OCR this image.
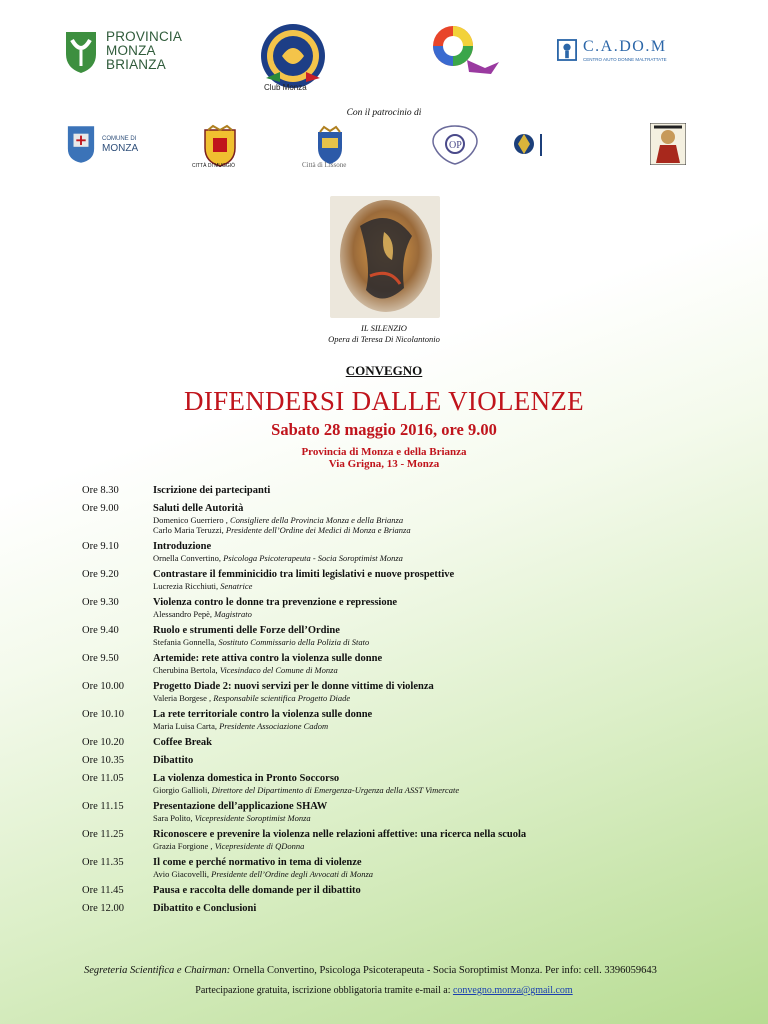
PROVINCIA
MONZA
BRIANZA
Club Monza
C.A.DO.M
CENTRO AIUTO DONNE MALTRATTATE
Con il patrocinio di
COMUNE DI
MONZA
CITTÀ DI MUGGIÒ	Città di Lissone
OP
IL SILENZIO
Opera di Teresa Di Nicolantonio
CONVEGNO
DIFENDERSI DALLE VIOLENZE
Sabato 28 maggio 2016, ore 9.00
Provincia di Monza e della Brianza
Via Grigna, 13 - Monza
Ore 8.30	Iscrizione dei partecipanti
Ore 9.00	Saluti delle Autorità
Domenico Guerriero , Consigliere della Provincia Monza e della Brianza
Carlo Maria Teruzzi, Presidente dell’Ordine dei Medici di Monza e Brianza
Ore 9.10	Introduzione
Ornella Convertino, Psicologa Psicoterapeuta - Socia Soroptimist Monza
Ore 9.20	Contrastare il femminicidio tra limiti legislativi e nuove prospettive
Lucrezia Ricchiuti, Senatrice
Ore 9.30	Violenza contro le donne tra prevenzione e repressione
Alessandro Pepè, Magistrato
Ore 9.40	Ruolo e strumenti delle Forze dell’Ordine
Stefania Gonnella, Sostituto Commissario della Polizia di Stato
Ore 9.50	Artemide: rete attiva contro la violenza sulle donne
Cherubina Bertola, Vicesindaco del Comune di Monza
Ore 10.00	Progetto Diade 2: nuovi servizi per le donne vittime di violenza
Valeria Borgese , Responsabile scientifica Progetto Diade
Ore 10.10	La rete territoriale contro la violenza sulle donne
Maria Luisa Carta, Presidente Associazione Cadom
Ore 10.20	Coffee Break
Ore 10.35	Dibattito
Ore 11.05	La violenza domestica in Pronto Soccorso
Giorgio Gallioli, Direttore del Dipartimento di Emergenza-Urgenza della ASST Vimercate
Ore 11.15	Presentazione dell’applicazione SHAW
Sara Polito, Vicepresidente Soroptimist Monza
Ore 11.25	Riconoscere e prevenire la violenza nelle relazioni affettive: una ricerca nella scuola
Grazia Forgione , Vicepresidente di QDonna
Ore 11.35	Il come e perché normativo in tema di violenze
Avio Giacovelli, Presidente dell’Ordine degli Avvocati di Monza
Ore 11.45	Pausa e raccolta delle domande per il dibattito
Ore 12.00	Dibattito e Conclusioni
Segreteria Scientifica e Chairman: Ornella Convertino, Psicologa Psicoterapeuta - Socia Soroptimist Monza. Per info: cell. 3396059643
Partecipazione gratuita, iscrizione obbligatoria tramite e-mail a: convegno.monza@gmail.com
